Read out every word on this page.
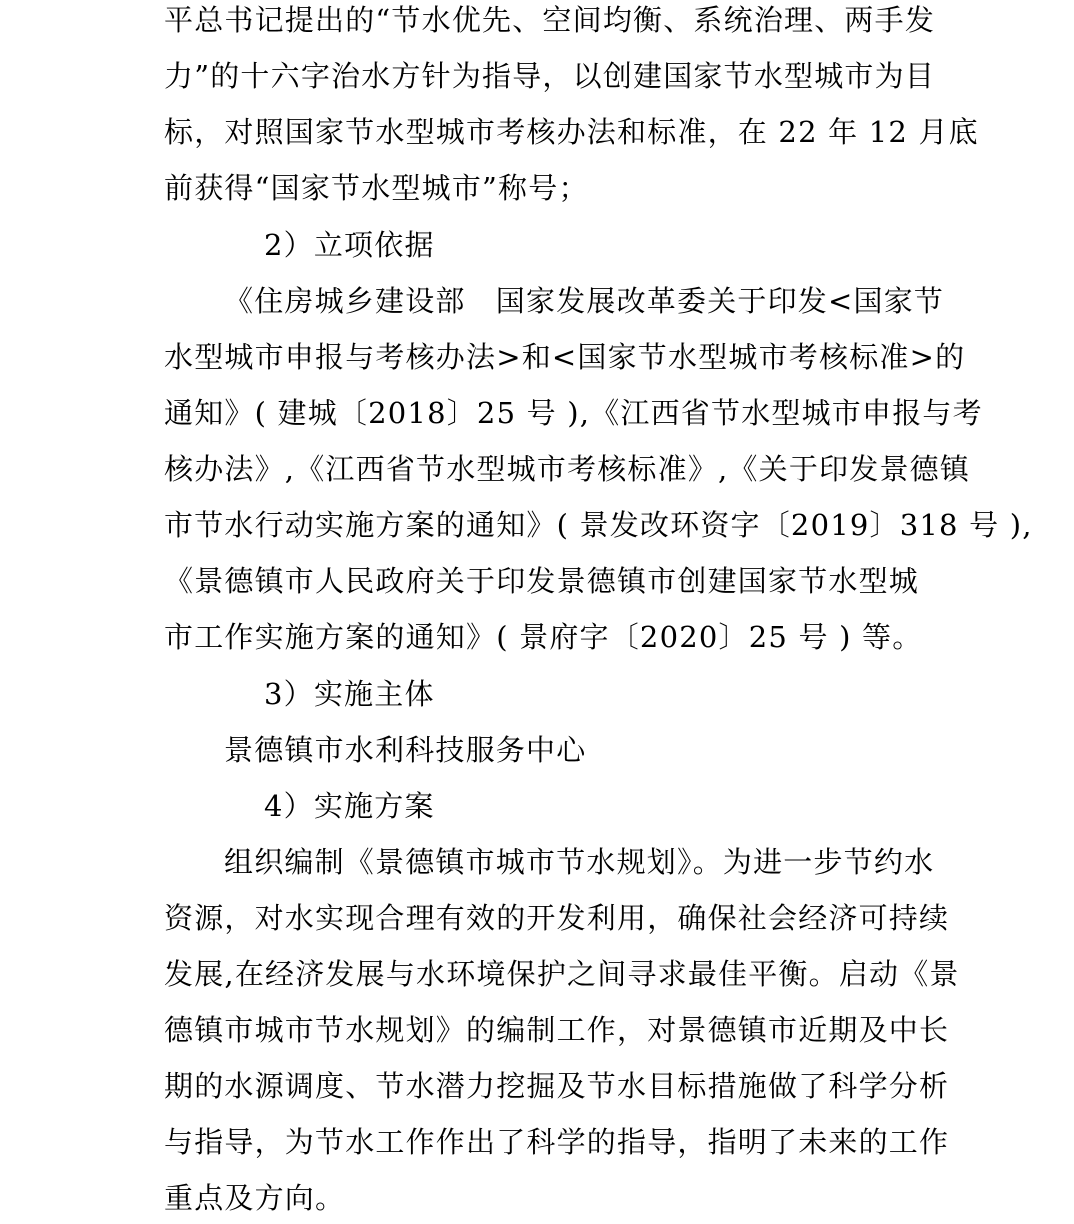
平总书记提出的“节水优先、空间均衡、系统治理、两手发
力”的十六字治水方针为指导，以创建国家节水型城市为目
标，对照国家节水型城市考核办法和标准，在 22 年 12 月底
前获得“国家节水型城市”称号；
2）立项依据
《住房城乡建设部　国家发展改革委关于印发<国家节
水型城市申报与考核办法>和<国家节水型城市考核标准>的
通知》( 建城〔2018〕25 号 ),《江西省节水型城市申报与考
核办法》,《江西省节水型城市考核标准》,《关于印发景德镇
市节水行动实施方案的通知》( 景发改环资字〔2019〕318 号 ),
《景德镇市人民政府关于印发景德镇市创建国家节水型城
市工作实施方案的通知》( 景府字〔2020〕25 号 ) 等。
3）实施主体
景德镇市水利科技服务中心
4）实施方案
组织编制《景德镇市城市节水规划》。为进一步节约水
资源，对水实现合理有效的开发利用，确保社会经济可持续
发展,在经济发展与水环境保护之间寻求最佳平衡。启动《景
德镇市城市节水规划》的编制工作，对景德镇市近期及中长
期的水源调度、节水潜力挖掘及节水目标措施做了科学分析
与指导，为节水工作作出了科学的指导，指明了未来的工作
重点及方向。
